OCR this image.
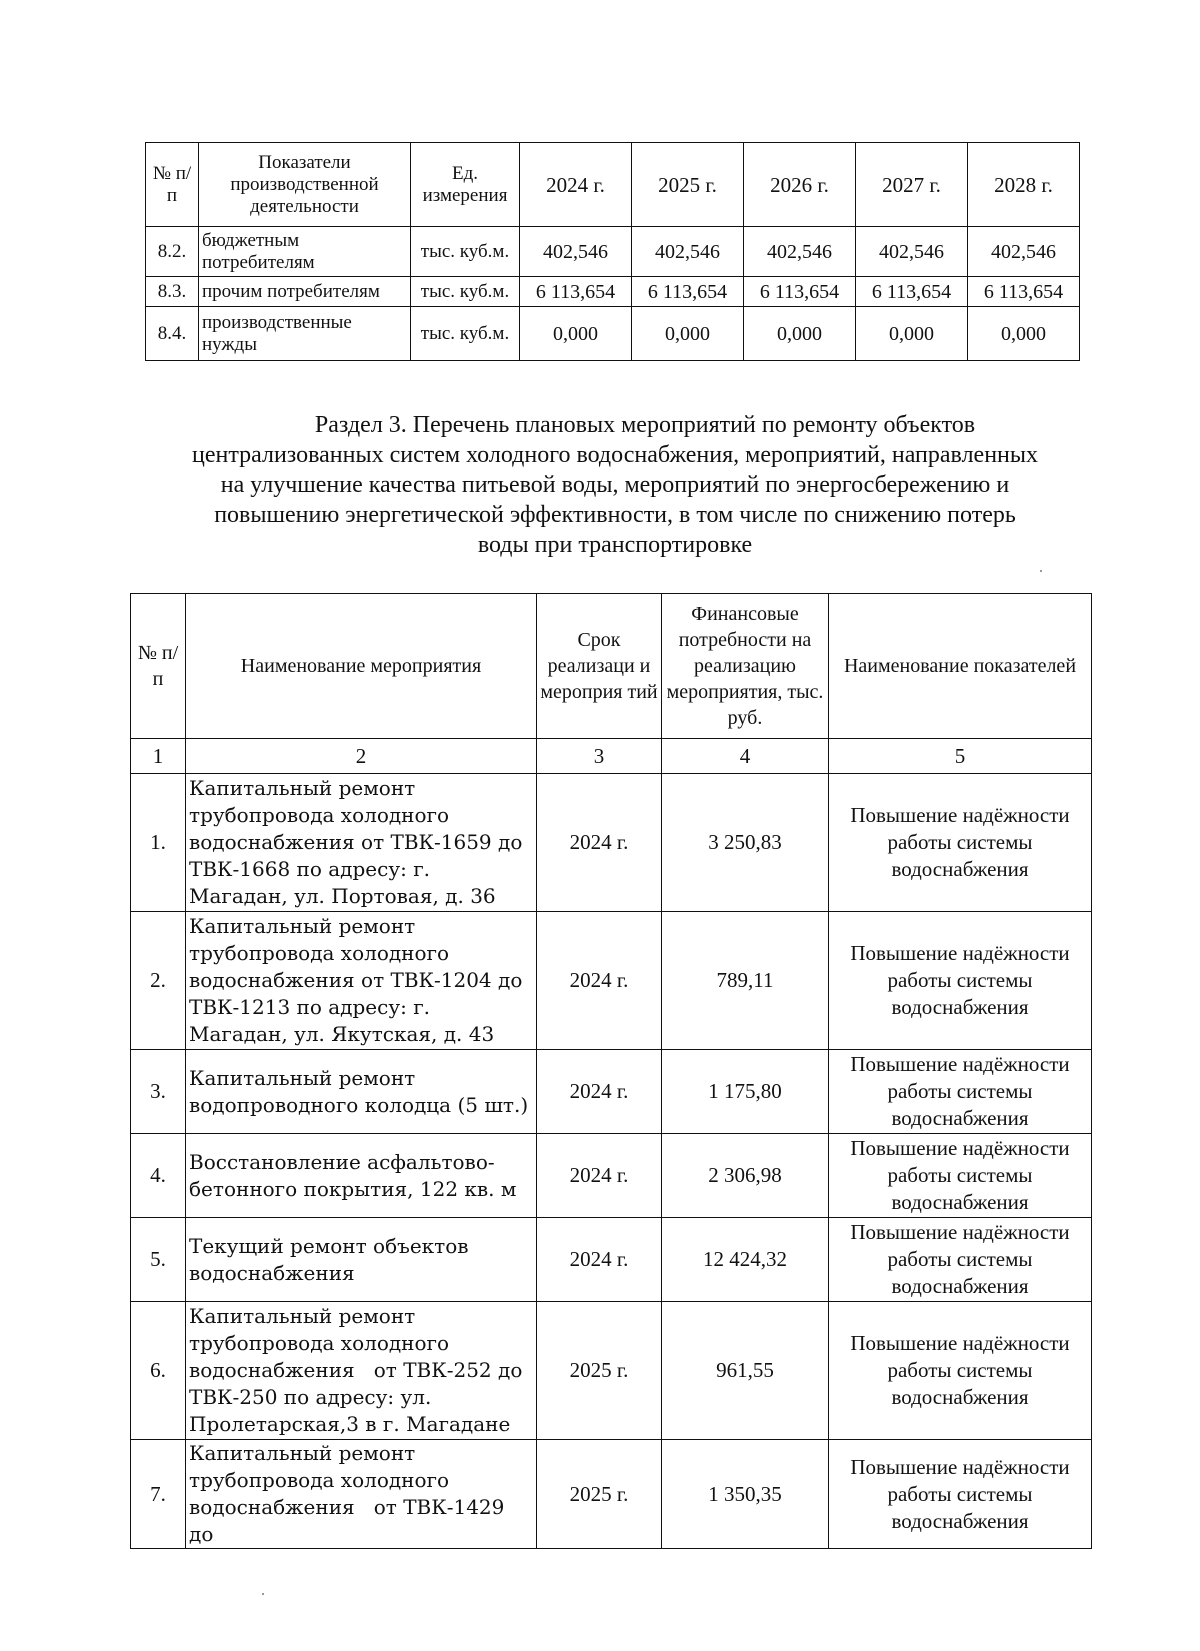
№ п/п	Показатели производственной деятельности	Ед. измерения	2024 г.	2025 г.	2026 г.	2027 г.	2028 г.
8.2.	бюджетным потребителям	тыс. куб.м.	402,546	402,546	402,546	402,546	402,546
8.3.	прочим потребителям	тыс. куб.м.	6 113,654	6 113,654	6 113,654	6 113,654	6 113,654
8.4.	производственные нужды	тыс. куб.м.	0,000	0,000	0,000	0,000	0,000
Раздел 3. Перечень плановых мероприятий по ремонту объектов
централизованных систем холодного водоснабжения, мероприятий, направленных
на улучшение качества питьевой воды, мероприятий по энергосбережению и
повышению энергетической эффективности, в том числе по снижению потерь
воды при транспортировке
№ п/п	Наименование мероприятия	Срок реализаци и мероприя тий	Финансовые потребности на реализацию мероприятия, тыс. руб.	Наименование показателей
1	2	3	4	5
1.	Капитальный ремонт трубопровода холодного водоснабжения от ТВК-1659 до ТВК-1668 по адресу: г. Магадан, ул. Портовая, д. 36	2024 г.	3 250,83	Повышение надёжности работы системы водоснабжения
2.	Капитальный ремонт трубопровода холодного водоснабжения от ТВК-1204 до ТВК-1213 по адресу: г. Магадан, ул. Якутская, д. 43	2024 г.	789,11	Повышение надёжности работы системы водоснабжения
3.	Капитальный ремонт водопроводного колодца (5 шт.)	2024 г.	1 175,80	Повышение надёжности работы системы водоснабжения
4.	Восстановление асфальтово-бетонного покрытия, 122 кв. м	2024 г.	2 306,98	Повышение надёжности работы системы водоснабжения
5.	Текущий ремонт объектов водоснабжения	2024 г.	12 424,32	Повышение надёжности работы системы водоснабжения
6.	Капитальный ремонт трубопровода холодного водоснабжения   от ТВК-252 до ТВК-250 по адресу: ул. Пролетарская,3 в г. Магадане	2025 г.	961,55	Повышение надёжности работы системы водоснабжения
7.	Капитальный ремонт трубопровода холодного водоснабжения   от ТВК-1429 до	2025 г.	1 350,35	Повышение надёжности работы системы водоснабжения
